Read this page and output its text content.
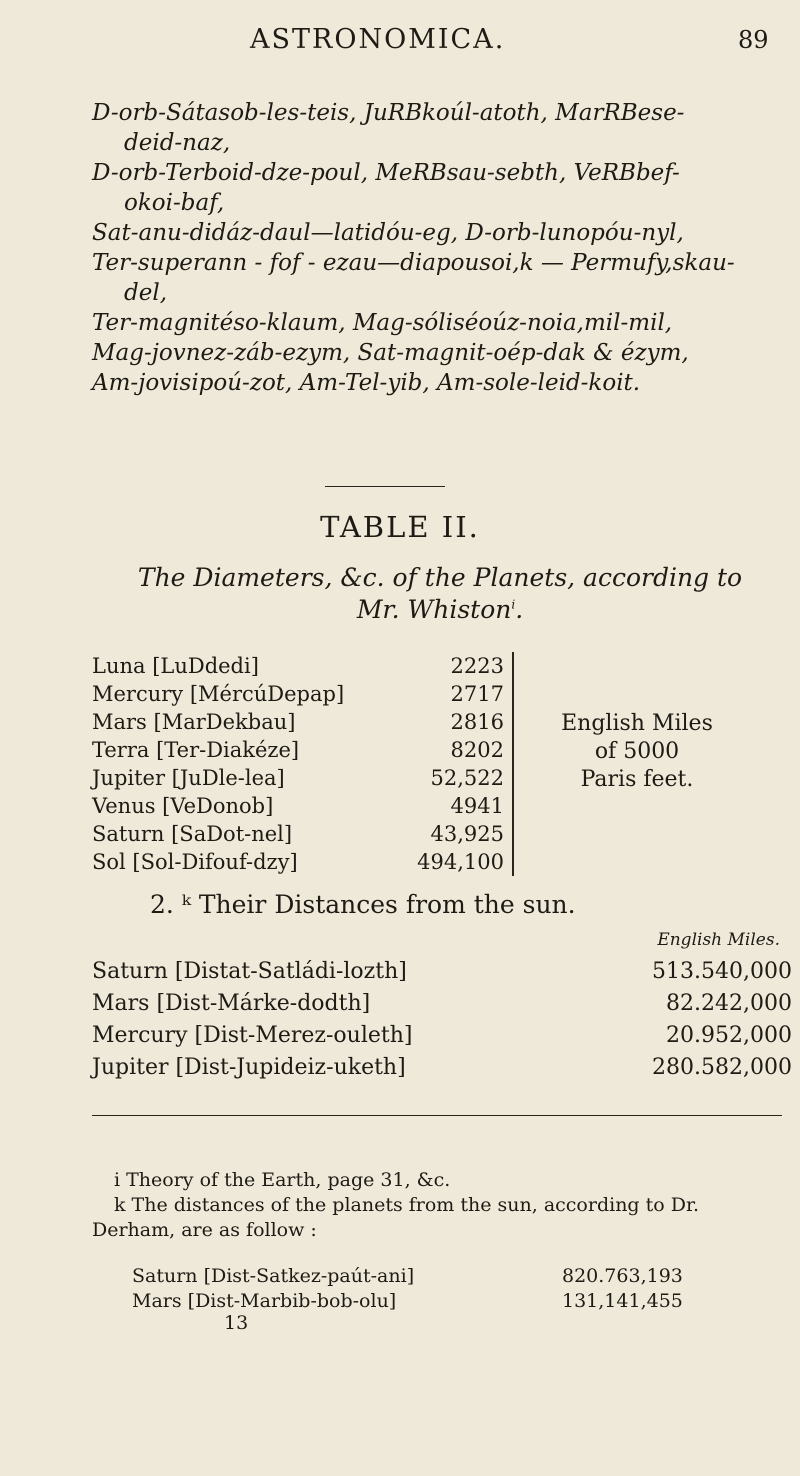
ASTRONOMICA.	89
D-orb-Sátasob-les-teis, JuRBkoúl-atoth, MarRBese-
deid-naz,
D-orb-Terboid-dze-poul, MeRBsau-sebth, VeRBbef-
okoi-baf,
Sat-anu-didáz-daul—latidóu-eg, D-orb-lunopóu-nyl,
Ter-superann - fof - ezau—diapousoi,k — Permufy,skau-
del,
Ter-magnitéso-klaum, Mag-sóliséoúz-noia,mil-mil,
Mag-jovnez-záb-ezym, Sat-magnit-oép-dak & ézym,
Am-jovisipoú-zot, Am-Tel-yib, Am-sole-leid-koit.
TABLE II.
The Diameters, &c. of the Planets, according to
Mr. Whiston$^i$.
Luna [LuDdedi]	2223
Mercury [MércúDepap]	2717
Mars [MarDekbau]	2816
Terra [Ter-Diakéze]	8202
Jupiter [JuDle-lea]	52,522
Venus [VeDonob]	4941
Saturn [SaDot-nel]	43,925
Sol [Sol-Difouf-dzy]	494,100
English Miles
of 5000
Paris feet.
2. ᵏ Their Distances from the sun.
English Miles.
Saturn [Distat-Satládi-lozth]	513.540,000
Mars [Dist-Márke-dodth]	82.242,000
Mercury [Dist-Merez-ouleth]	20.952,000
Jupiter [Dist-Jupideiz-uketh]	280.582,000
i Theory of the Earth, page 31, &c.
k The distances of the planets from the sun, according to Dr.
Derham, are as follow :
Saturn [Dist-Satkez-paút-ani]	820.763,193
Mars [Dist-Marbib-bob-olu]	131,141,455
13
